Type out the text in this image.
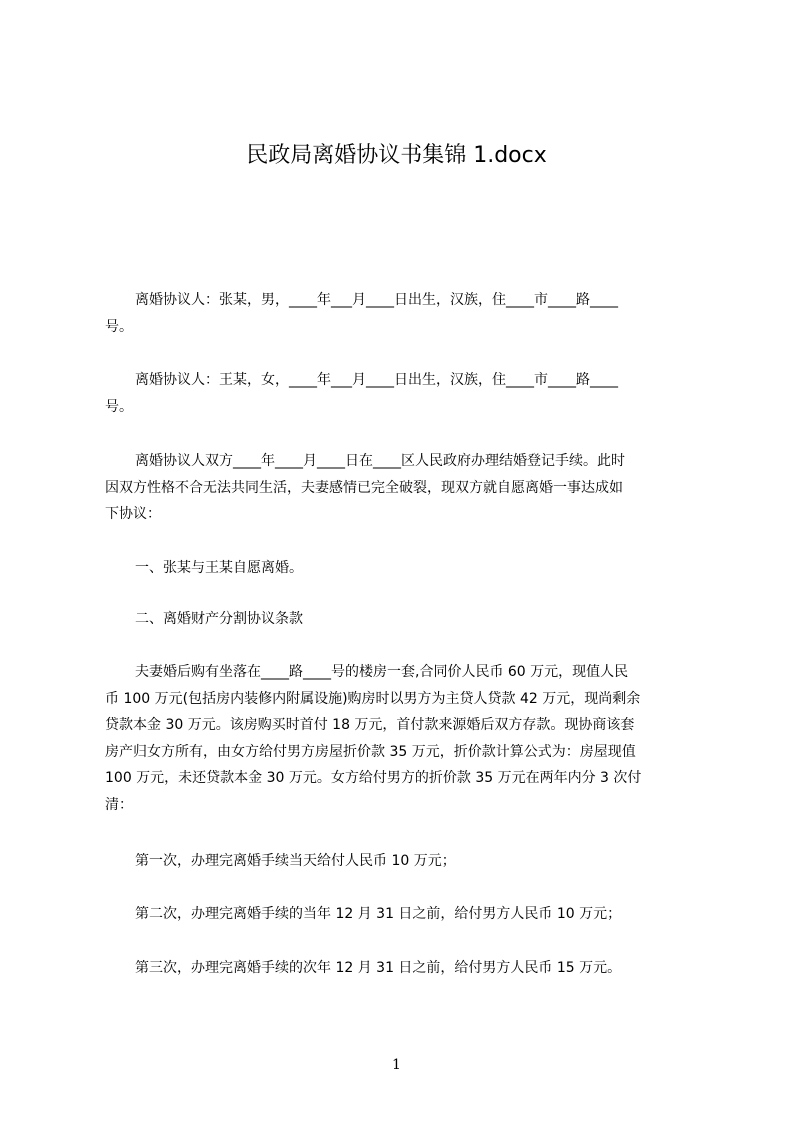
民政局离婚协议书集锦 1.docx
离婚协议人：张某，男，____年___月____日出生，汉族，住____市____路____
号。
离婚协议人：王某，女，____年___月____日出生，汉族，住____市____路____
号。
离婚协议人双方____年____月____日在____区人民政府办理结婚登记手续。此时
因双方性格不合无法共同生活，夫妻感情已完全破裂，现双方就自愿离婚一事达成如
下协议：
一、张某与王某自愿离婚。
二、离婚财产分割协议条款
夫妻婚后购有坐落在____路____号的楼房一套,合同价人民币 60 万元，现值人民
币 100 万元(包括房内装修内附属设施)购房时以男方为主贷人贷款 42 万元，现尚剩余
贷款本金 30 万元。该房购买时首付 18 万元，首付款来源婚后双方存款。现协商该套
房产归女方所有，由女方给付男方房屋折价款 35 万元，折价款计算公式为：房屋现值
100 万元，未还贷款本金 30 万元。女方给付男方的折价款 35 万元在两年内分 3 次付
清：
第一次，办理完离婚手续当天给付人民币 10 万元；
第二次，办理完离婚手续的当年 12 月 31 日之前，给付男方人民币 10 万元；
第三次，办理完离婚手续的次年 12 月 31 日之前，给付男方人民币 15 万元。
1
